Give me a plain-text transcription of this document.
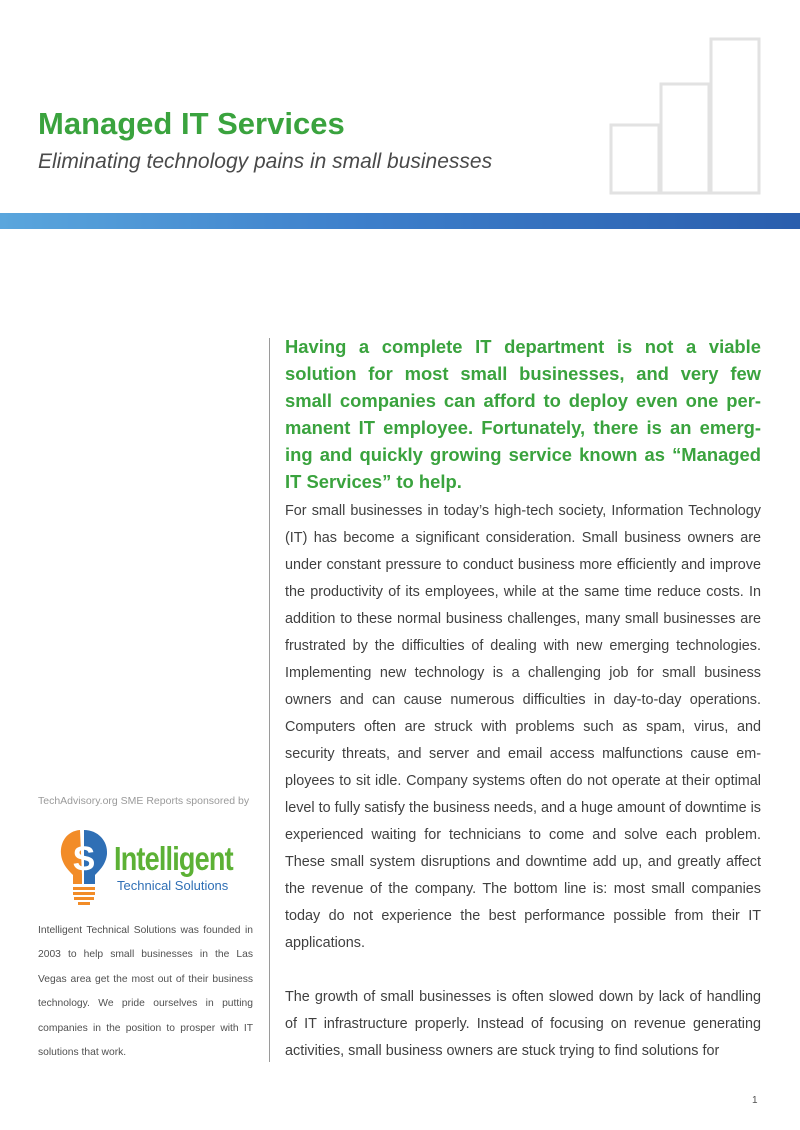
Managed IT Services
Eliminating technology pains in small businesses

Having a complete IT department is not a viable solution for most small businesses, and very few small companies can afford to deploy even one per-manent IT employee. Fortunately, there is an emerg-ing and quickly growing service known as “Managed IT Services” to help.

For small businesses in today’s high-tech society, Information Technology (IT) has become a significant consideration. Small business owners are under constant pressure to conduct business more efficiently and improve the productivity of its employees, while at the same time reduce costs. In addition to these normal business challenges, many small businesses are frustrated by the difficulties of dealing with new emerging technologies. Implementing new technology is a challenging job for small business owners and can cause numerous difficulties in day-to-day operations. Computers often are struck with problems such as spam, virus, and security threats, and server and email access malfunctions cause em-ployees to sit idle. Company systems often do not operate at their optimal level to fully satisfy the business needs, and a huge amount of downtime is experienced waiting for technicians to come and solve each problem. These small system disruptions and downtime add up, and greatly affect the revenue of the company. The bottom line is: most small companies today do not experience the best performance possible from their IT applications.

The growth of small businesses is often slowed down by lack of handling of IT infrastructure properly. Instead of focusing on revenue generating activities, small business owners are stuck trying to find solutions for

TechAdvisory.org SME Reports sponsored by
S Intelligent
Technical Solutions

Intelligent Technical Solutions was founded in 2003 to help small businesses in the Las Vegas area get the most out of their business technology. We pride ourselves in putting companies in the position to prosper with IT solutions that work.

1
